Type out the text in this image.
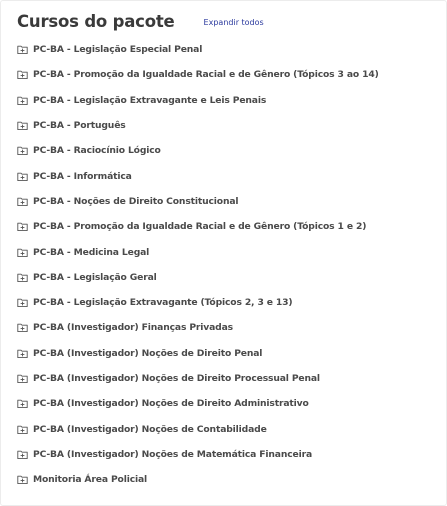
Cursos do pacote	Expandir todos
PC-BA - Legislação Especial Penal
PC-BA - Promoção da Igualdade Racial e de Gênero (Tópicos 3 ao 14)
PC-BA - Legislação Extravagante e Leis Penais
PC-BA - Português
PC-BA - Raciocínio Lógico
PC-BA - Informática
PC-BA - Noções de Direito Constitucional
PC-BA - Promoção da Igualdade Racial e de Gênero (Tópicos 1 e 2)
PC-BA - Medicina Legal
PC-BA - Legislação Geral
PC-BA - Legislação Extravagante (Tópicos 2, 3 e 13)
PC-BA (Investigador) Finanças Privadas
PC-BA (Investigador) Noções de Direito Penal
PC-BA (Investigador) Noções de Direito Processual Penal
PC-BA (Investigador) Noções de Direito Administrativo
PC-BA (Investigador) Noções de Contabilidade
PC-BA (Investigador) Noções de Matemática Financeira
Monitoria Área Policial
